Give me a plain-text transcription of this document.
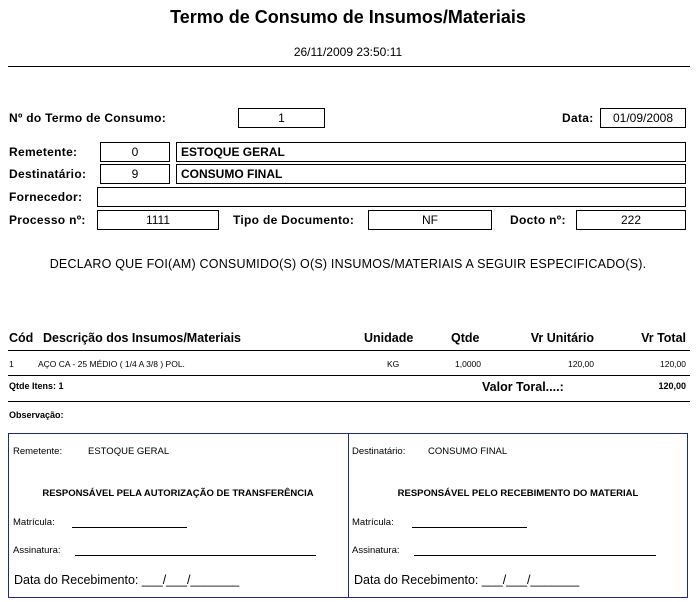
Termo de Consumo de Insumos/Materiais
26/11/2009 23:50:11
Nº do Termo de Consumo:	1	Data:	01/09/2008
Remetente:	0	ESTOQUE GERAL
Destinatário:	9	CONSUMO FINAL
Fornecedor:
Processo nº:	1111	Tipo de Documento:	NF	Docto nº:	222
DECLARO QUE FOI(AM) CONSUMIDO(S) O(S) INSUMOS/MATERIAIS A SEGUIR ESPECIFICADO(S).
Cód Descrição dos Insumos/Materiais	Unidade	Qtde	Vr Unitário	Vr Total
1	AÇO CA - 25 MÉDIO ( 1/4 A 3/8 ) POL.	KG	1,0000	120,00	120,00
Qtde Itens: 1	Valor Toral....:	120,00
Observação:
Remetente:	ESTOQUE GERAL
RESPONSÁVEL PELA AUTORIZAÇÃO DE TRANSFERÊNCIA
Matrícula:
Assinatura:
Data do Recebimento: ___/___/_______
Destinatário: CONSUMO FINAL
RESPONSÁVEL PELO RECEBIMENTO DO MATERIAL
Matrícula:
Assinatura:
Data do Recebimento: ___/___/_______
